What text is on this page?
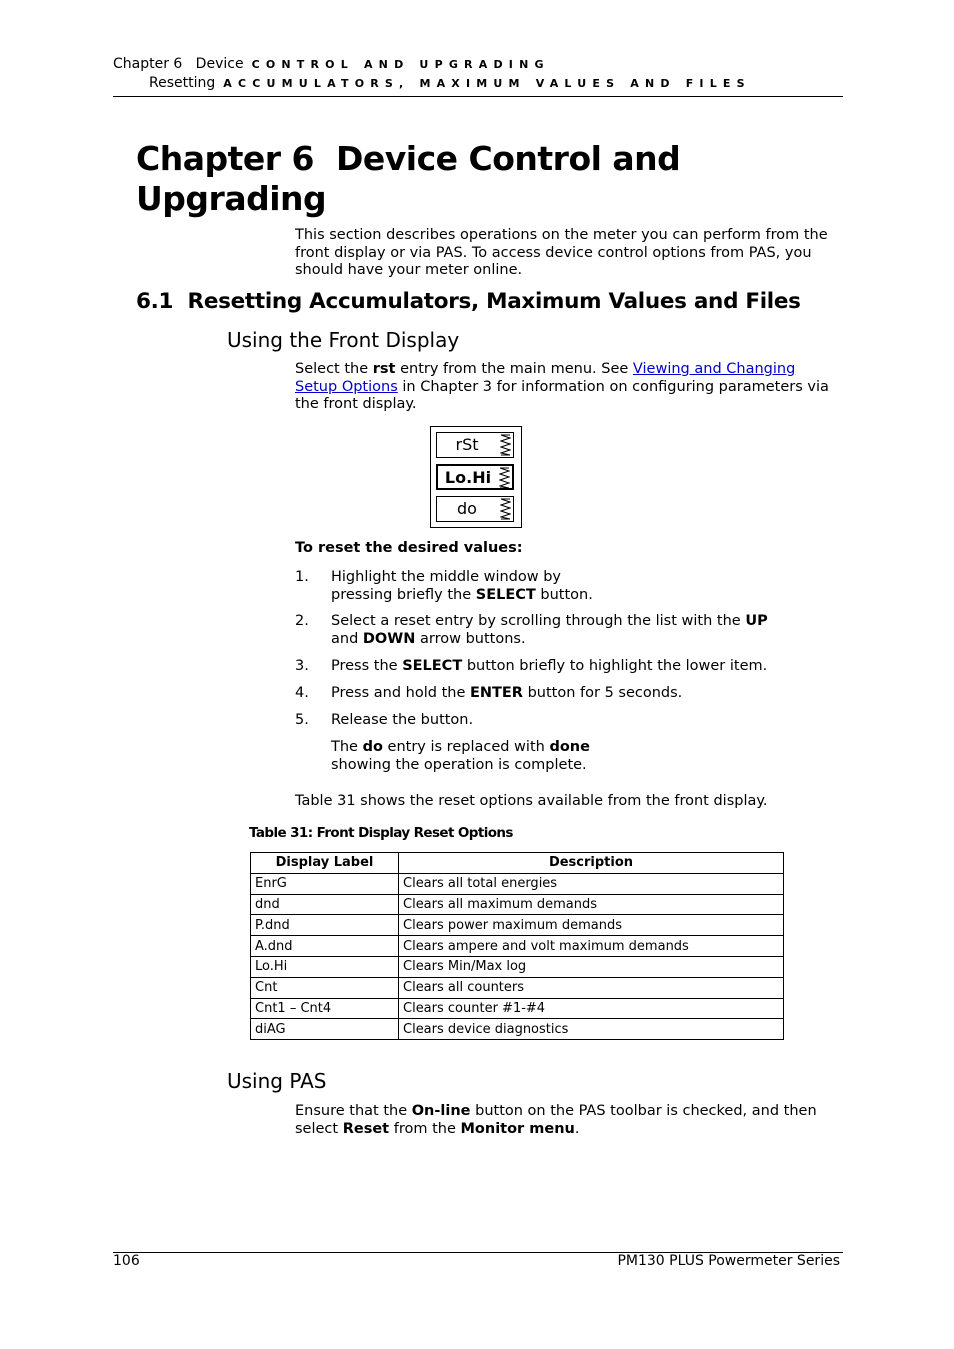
Chapter 6   Device CONTROL AND UPGRADING
Resetting ACCUMULATORS, MAXIMUM VALUES AND FILES
Chapter 6 Device Control and
Upgrading

This section describes operations on the meter you can perform from the front display or via PAS. To access device control options from PAS, you should have your meter online.

6.1  Resetting Accumulators, Maximum Values and Files
Using the Front Display

Select the rst entry from the main menu. See Viewing and Changing Setup Options in Chapter 3 for information on configuring parameters via the front display.

rSt
Lo.Hi
do
To reset the desired values:
1.	Highlight the middle window by
pressing briefly the SELECT button.
2.	Select a reset entry by scrolling through the list with the UP
and DOWN arrow buttons.
3.	Press the SELECT button briefly to highlight the lower item.
4.	Press and hold the ENTER button for 5 seconds.
5.	Release the button.
The do entry is replaced with done
showing the operation is complete.
Table 31 shows the reset options available from the front display.
Table 31: Front Display Reset Options
Display Label	Description
EnrG	Clears all total energies
dnd	Clears all maximum demands
P.dnd	Clears power maximum demands
A.dnd	Clears ampere and volt maximum demands
Lo.Hi	Clears Min/Max log
Cnt	Clears all counters
Cnt1 – Cnt4	Clears counter #1-#4
diAG	Clears device diagnostics
Using PAS

Ensure that the On-line button on the PAS toolbar is checked, and then select Reset from the Monitor menu.

106	PM130 PLUS Powermeter Series
